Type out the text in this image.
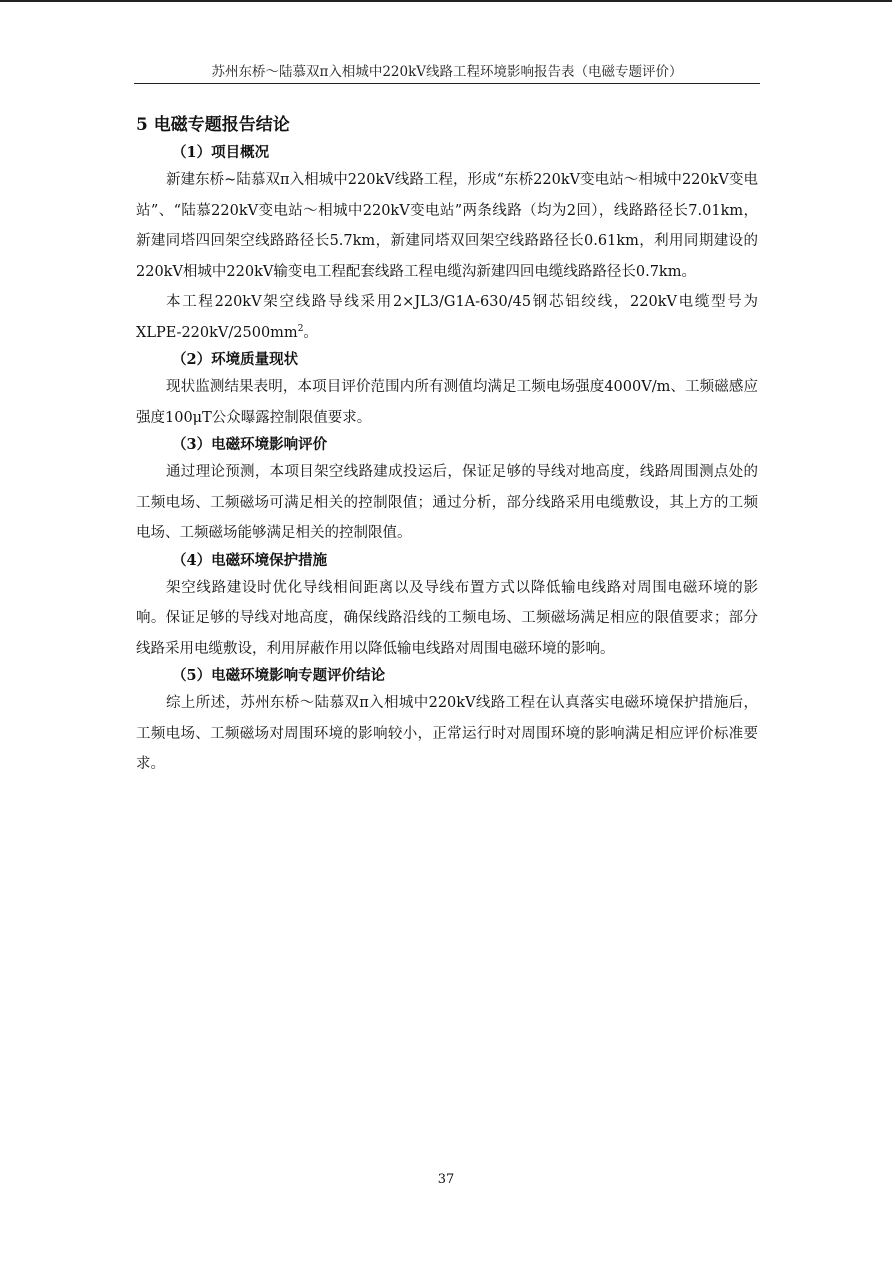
苏州东桥～陆慕双π入相城中220kV线路工程环境影响报告表（电磁专题评价）
5 电磁专题报告结论
（1）项目概况

新建东桥~陆慕双π入相城中220kV线路工程，形成“东桥220kV变电站～相城中220kV变电站”、“陆慕220kV变电站～相城中220kV变电站”两条线路（均为2回），线路路径长7.01km，新建同塔四回架空线路路径长5.7km，新建同塔双回架空线路路径长0.61km，利用同期建设的220kV相城中220kV输变电工程配套线路工程电缆沟新建四回电缆线路路径长0.7km。

本工程220kV架空线路导线采用2×JL3/G1A-630/45钢芯铝绞线，220kV电缆型号为XLPE-$220kV/2500mm^2$。

（2）环境质量现状

现状监测结果表明，本项目评价范围内所有测值均满足工频电场强度4000V/m、工频磁感应强度100μT公众曝露控制限值要求。

（3）电磁环境影响评价

通过理论预测，本项目架空线路建成投运后，保证足够的导线对地高度，线路周围测点处的工频电场、工频磁场可满足相关的控制限值；通过分析，部分线路采用电缆敷设，其上方的工频电场、工频磁场能够满足相关的控制限值。

（4）电磁环境保护措施

架空线路建设时优化导线相间距离以及导线布置方式以降低输电线路对周围电磁环境的影响。保证足够的导线对地高度，确保线路沿线的工频电场、工频磁场满足相应的限值要求；部分线路采用电缆敷设，利用屏蔽作用以降低输电线路对周围电磁环境的影响。

（5）电磁环境影响专题评价结论

综上所述，苏州东桥～陆慕双π入相城中220kV线路工程在认真落实电磁环境保护措施后，工频电场、工频磁场对周围环境的影响较小，正常运行时对周围环境的影响满足相应评价标准要求。

37
